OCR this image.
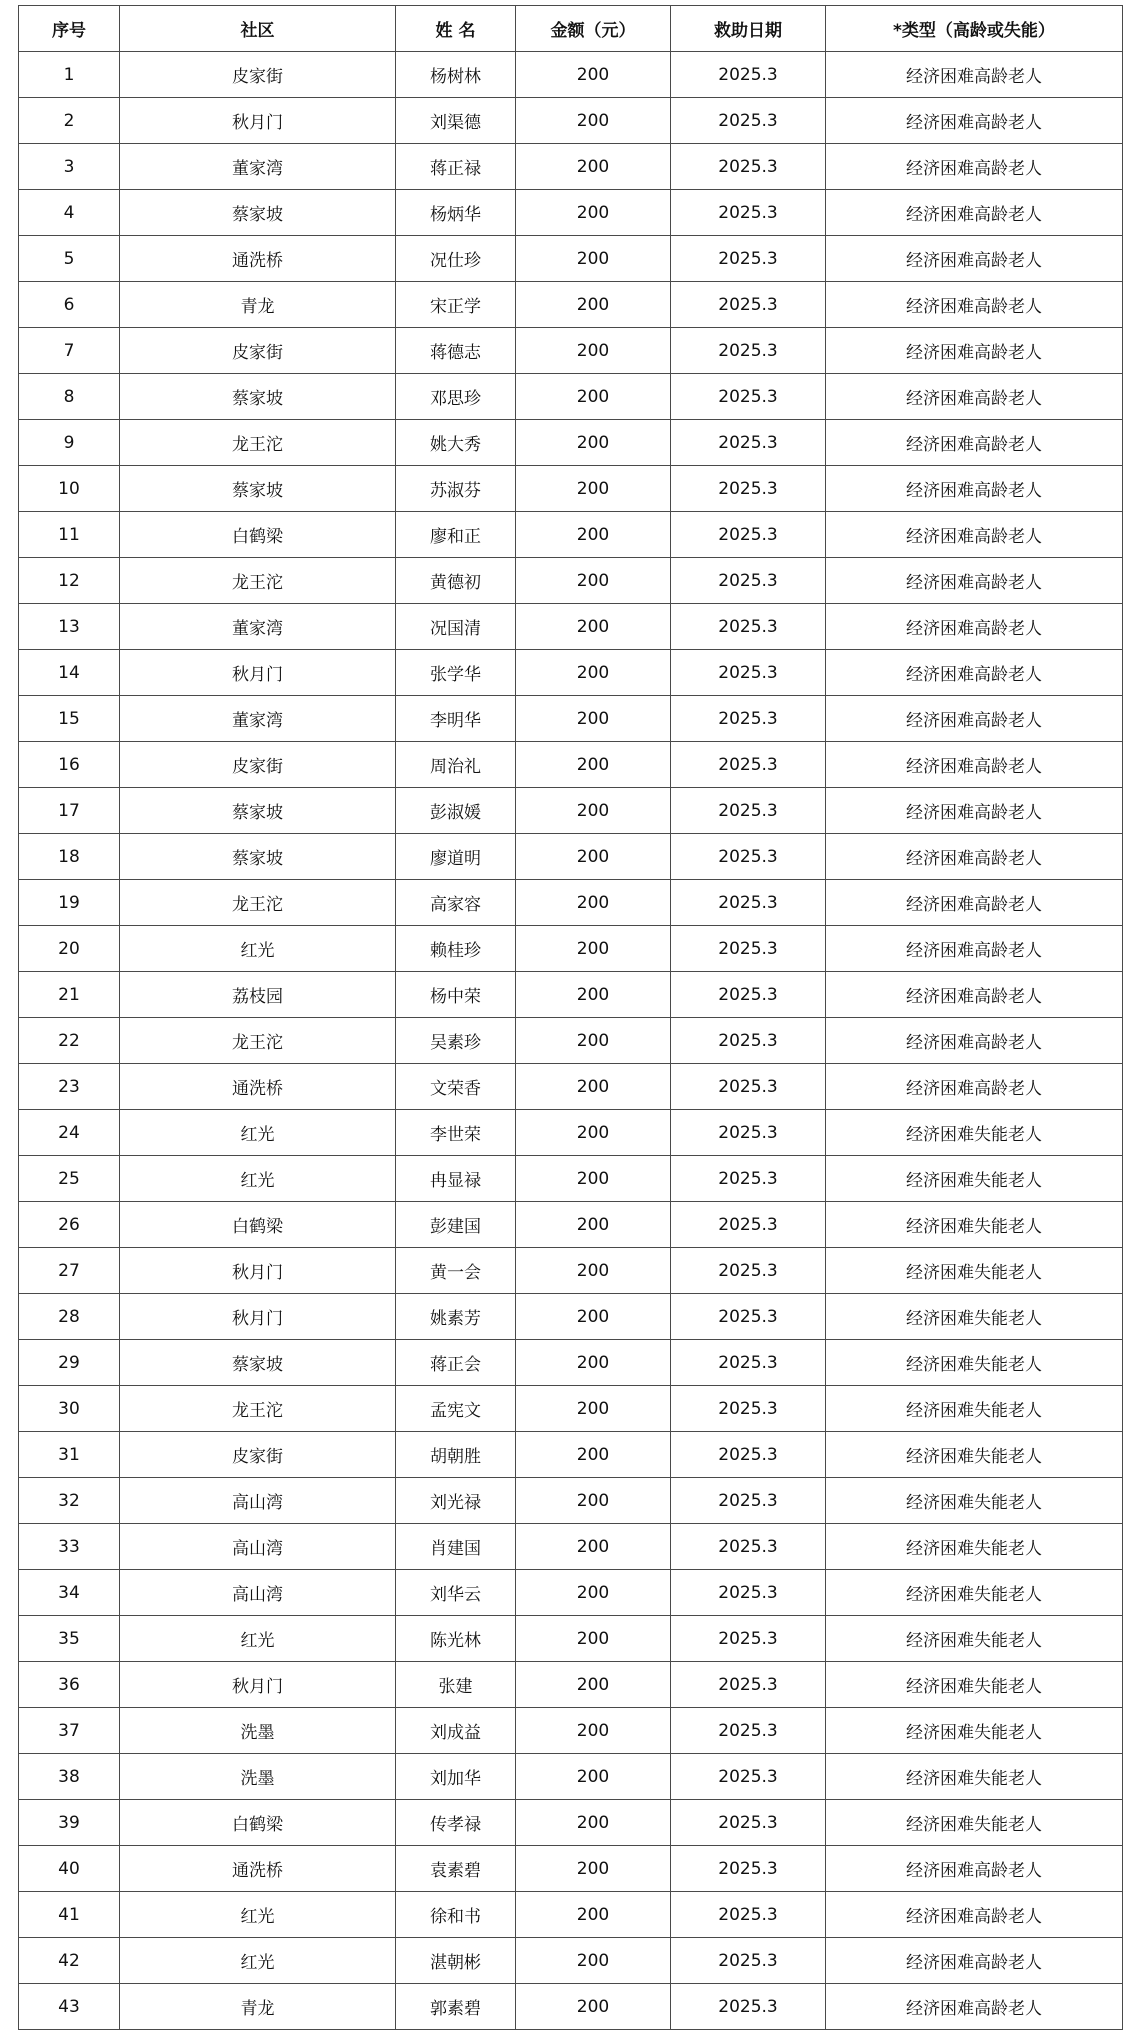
序号	社区	姓 名	金额（元）	救助日期	*类型（高龄或失能）
1	皮家街	杨树林	200	2025.3	经济困难高龄老人
2	秋月门	刘渠德	200	2025.3	经济困难高龄老人
3	董家湾	蒋正禄	200	2025.3	经济困难高龄老人
4	蔡家坡	杨炳华	200	2025.3	经济困难高龄老人
5	通洗桥	况仕珍	200	2025.3	经济困难高龄老人
6	青龙	宋正学	200	2025.3	经济困难高龄老人
7	皮家街	蒋德志	200	2025.3	经济困难高龄老人
8	蔡家坡	邓思珍	200	2025.3	经济困难高龄老人
9	龙王沱	姚大秀	200	2025.3	经济困难高龄老人
10	蔡家坡	苏淑芬	200	2025.3	经济困难高龄老人
11	白鹤梁	廖和正	200	2025.3	经济困难高龄老人
12	龙王沱	黄德初	200	2025.3	经济困难高龄老人
13	董家湾	况国清	200	2025.3	经济困难高龄老人
14	秋月门	张学华	200	2025.3	经济困难高龄老人
15	董家湾	李明华	200	2025.3	经济困难高龄老人
16	皮家街	周治礼	200	2025.3	经济困难高龄老人
17	蔡家坡	彭淑媛	200	2025.3	经济困难高龄老人
18	蔡家坡	廖道明	200	2025.3	经济困难高龄老人
19	龙王沱	高家容	200	2025.3	经济困难高龄老人
20	红光	赖桂珍	200	2025.3	经济困难高龄老人
21	荔枝园	杨中荣	200	2025.3	经济困难高龄老人
22	龙王沱	吴素珍	200	2025.3	经济困难高龄老人
23	通洗桥	文荣香	200	2025.3	经济困难高龄老人
24	红光	李世荣	200	2025.3	经济困难失能老人
25	红光	冉显禄	200	2025.3	经济困难失能老人
26	白鹤梁	彭建国	200	2025.3	经济困难失能老人
27	秋月门	黄一会	200	2025.3	经济困难失能老人
28	秋月门	姚素芳	200	2025.3	经济困难失能老人
29	蔡家坡	蒋正会	200	2025.3	经济困难失能老人
30	龙王沱	孟宪文	200	2025.3	经济困难失能老人
31	皮家街	胡朝胜	200	2025.3	经济困难失能老人
32	高山湾	刘光禄	200	2025.3	经济困难失能老人
33	高山湾	肖建国	200	2025.3	经济困难失能老人
34	高山湾	刘华云	200	2025.3	经济困难失能老人
35	红光	陈光林	200	2025.3	经济困难失能老人
36	秋月门	张建	200	2025.3	经济困难失能老人
37	洗墨	刘成益	200	2025.3	经济困难失能老人
38	洗墨	刘加华	200	2025.3	经济困难失能老人
39	白鹤梁	传孝禄	200	2025.3	经济困难失能老人
40	通洗桥	袁素碧	200	2025.3	经济困难高龄老人
41	红光	徐和书	200	2025.3	经济困难高龄老人
42	红光	湛朝彬	200	2025.3	经济困难高龄老人
43	青龙	郭素碧	200	2025.3	经济困难高龄老人
